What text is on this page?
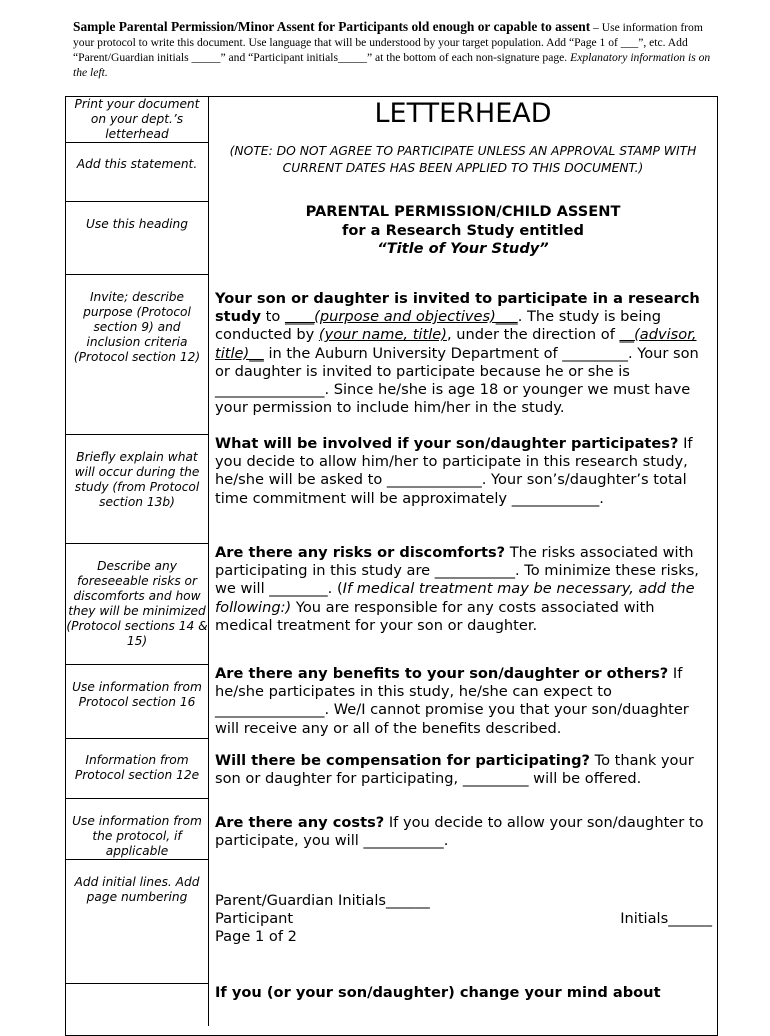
Sample Parental Permission/Minor Assent for Participants old enough or capable to assent – Use information from your protocol to write this document. Use language that will be understood by your target population. Add “Page 1 of ___”, etc. Add “Parent/Guardian initials _____” and “Participant initials_____” at the bottom of each non-signature page. Explanatory information is on the left.
Print your document on your dept.’s letterhead
Add this statement.
Use this heading
Invite; describe purpose (Protocol section 9) and inclusion criteria (Protocol section 12)
Briefly explain what will occur during the study (from Protocol section 13b)
Describe any foreseeable risks or discomforts and how they will be minimized (Protocol sections 14 & 15)
Use information from Protocol section 16
Information from Protocol section 12e
Use information from the protocol, if applicable
Add initial lines. Add page numbering
LETTERHEAD
(NOTE: DO NOT AGREE TO PARTICIPATE UNLESS AN APPROVAL STAMP WITH CURRENT DATES HAS BEEN APPLIED TO THIS DOCUMENT.)
PARENTAL PERMISSION/CHILD ASSENT
for a Research Study entitled
“Title of Your Study”
Your son or daughter is invited to participate in a research study to ____(purpose and objectives)___. The study is being conducted by (your name, title), under the direction of __(advisor, title)__ in the Auburn University Department of _________. Your son or daughter is invited to participate because he or she is _______________. Since he/she is age 18 or younger we must have your permission to include him/her in the study.
What will be involved if your son/daughter participates? If you decide to allow him/her to participate in this research study, he/she will be asked to _____________. Your son’s/daughter’s total time commitment will be approximately ____________.
Are there any risks or discomforts? The risks associated with participating in this study are ___________. To minimize these risks, we will ________. (If medical treatment may be necessary, add the following:) You are responsible for any costs associated with medical treatment for your son or daughter.
Are there any benefits to your son/daughter or others? If he/she participates in this study, he/she can expect to _______________. We/I cannot promise you that your son/duaghter will receive any or all of the benefits described.
Will there be compensation for participating? To thank your son or daughter for participating, _________ will be offered.
Are there any costs? If you decide to allow your son/daughter to participate, you will ___________.
Parent/Guardian Initials______
Participant	Initials______
Page 1 of 2
If you (or your son/daughter) change your mind about
